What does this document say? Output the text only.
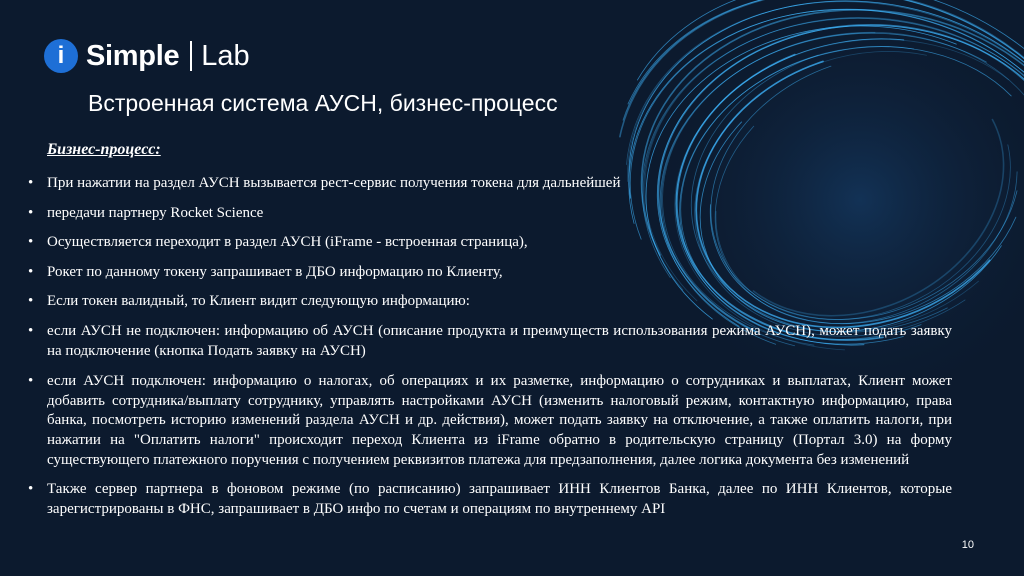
i Simple Lab
Встроенная система АУСН, бизнес-процесс
Бизнес-процесс:
• При нажатии на раздел АУСН вызывается рест-сервис получения токена для дальнейшей
• передачи партнеру Rocket Science
• Осуществляется переходит в раздел АУСН (iFrame - встроенная страница),
• Рокет по данному токену запрашивает в ДБО информацию по Клиенту,
• Если токен валидный, то Клиент видит следующую информацию:
• если АУСН не подключен: информацию об АУСН (описание продукта и преимуществ использования режима АУСН), может подать заявку на подключение (кнопка Подать заявку на АУСН)
• если АУСН подключен: информацию о налогах, об операциях и их разметке, информацию о сотрудниках и выплатах, Клиент может добавить сотрудника/выплату сотруднику, управлять настройками АУСН (изменить налоговый режим, контактную информацию, права банка, посмотреть историю изменений раздела АУСН и др. действия), может подать заявку на отключение, а также оплатить налоги, при нажатии на "Оплатить налоги" происходит переход Клиента из iFrame обратно в родительскую страницу (Портал 3.0) на форму существующего платежного поручения с получением реквизитов платежа для предзаполнения, далее логика документа без изменений
• Также сервер партнера в фоновом режиме (по расписанию) запрашивает ИНН Клиентов Банка, далее по ИНН Клиентов, которые зарегистрированы в ФНС, запрашивает в ДБО инфо по счетам и операциям по внутреннему API
10
